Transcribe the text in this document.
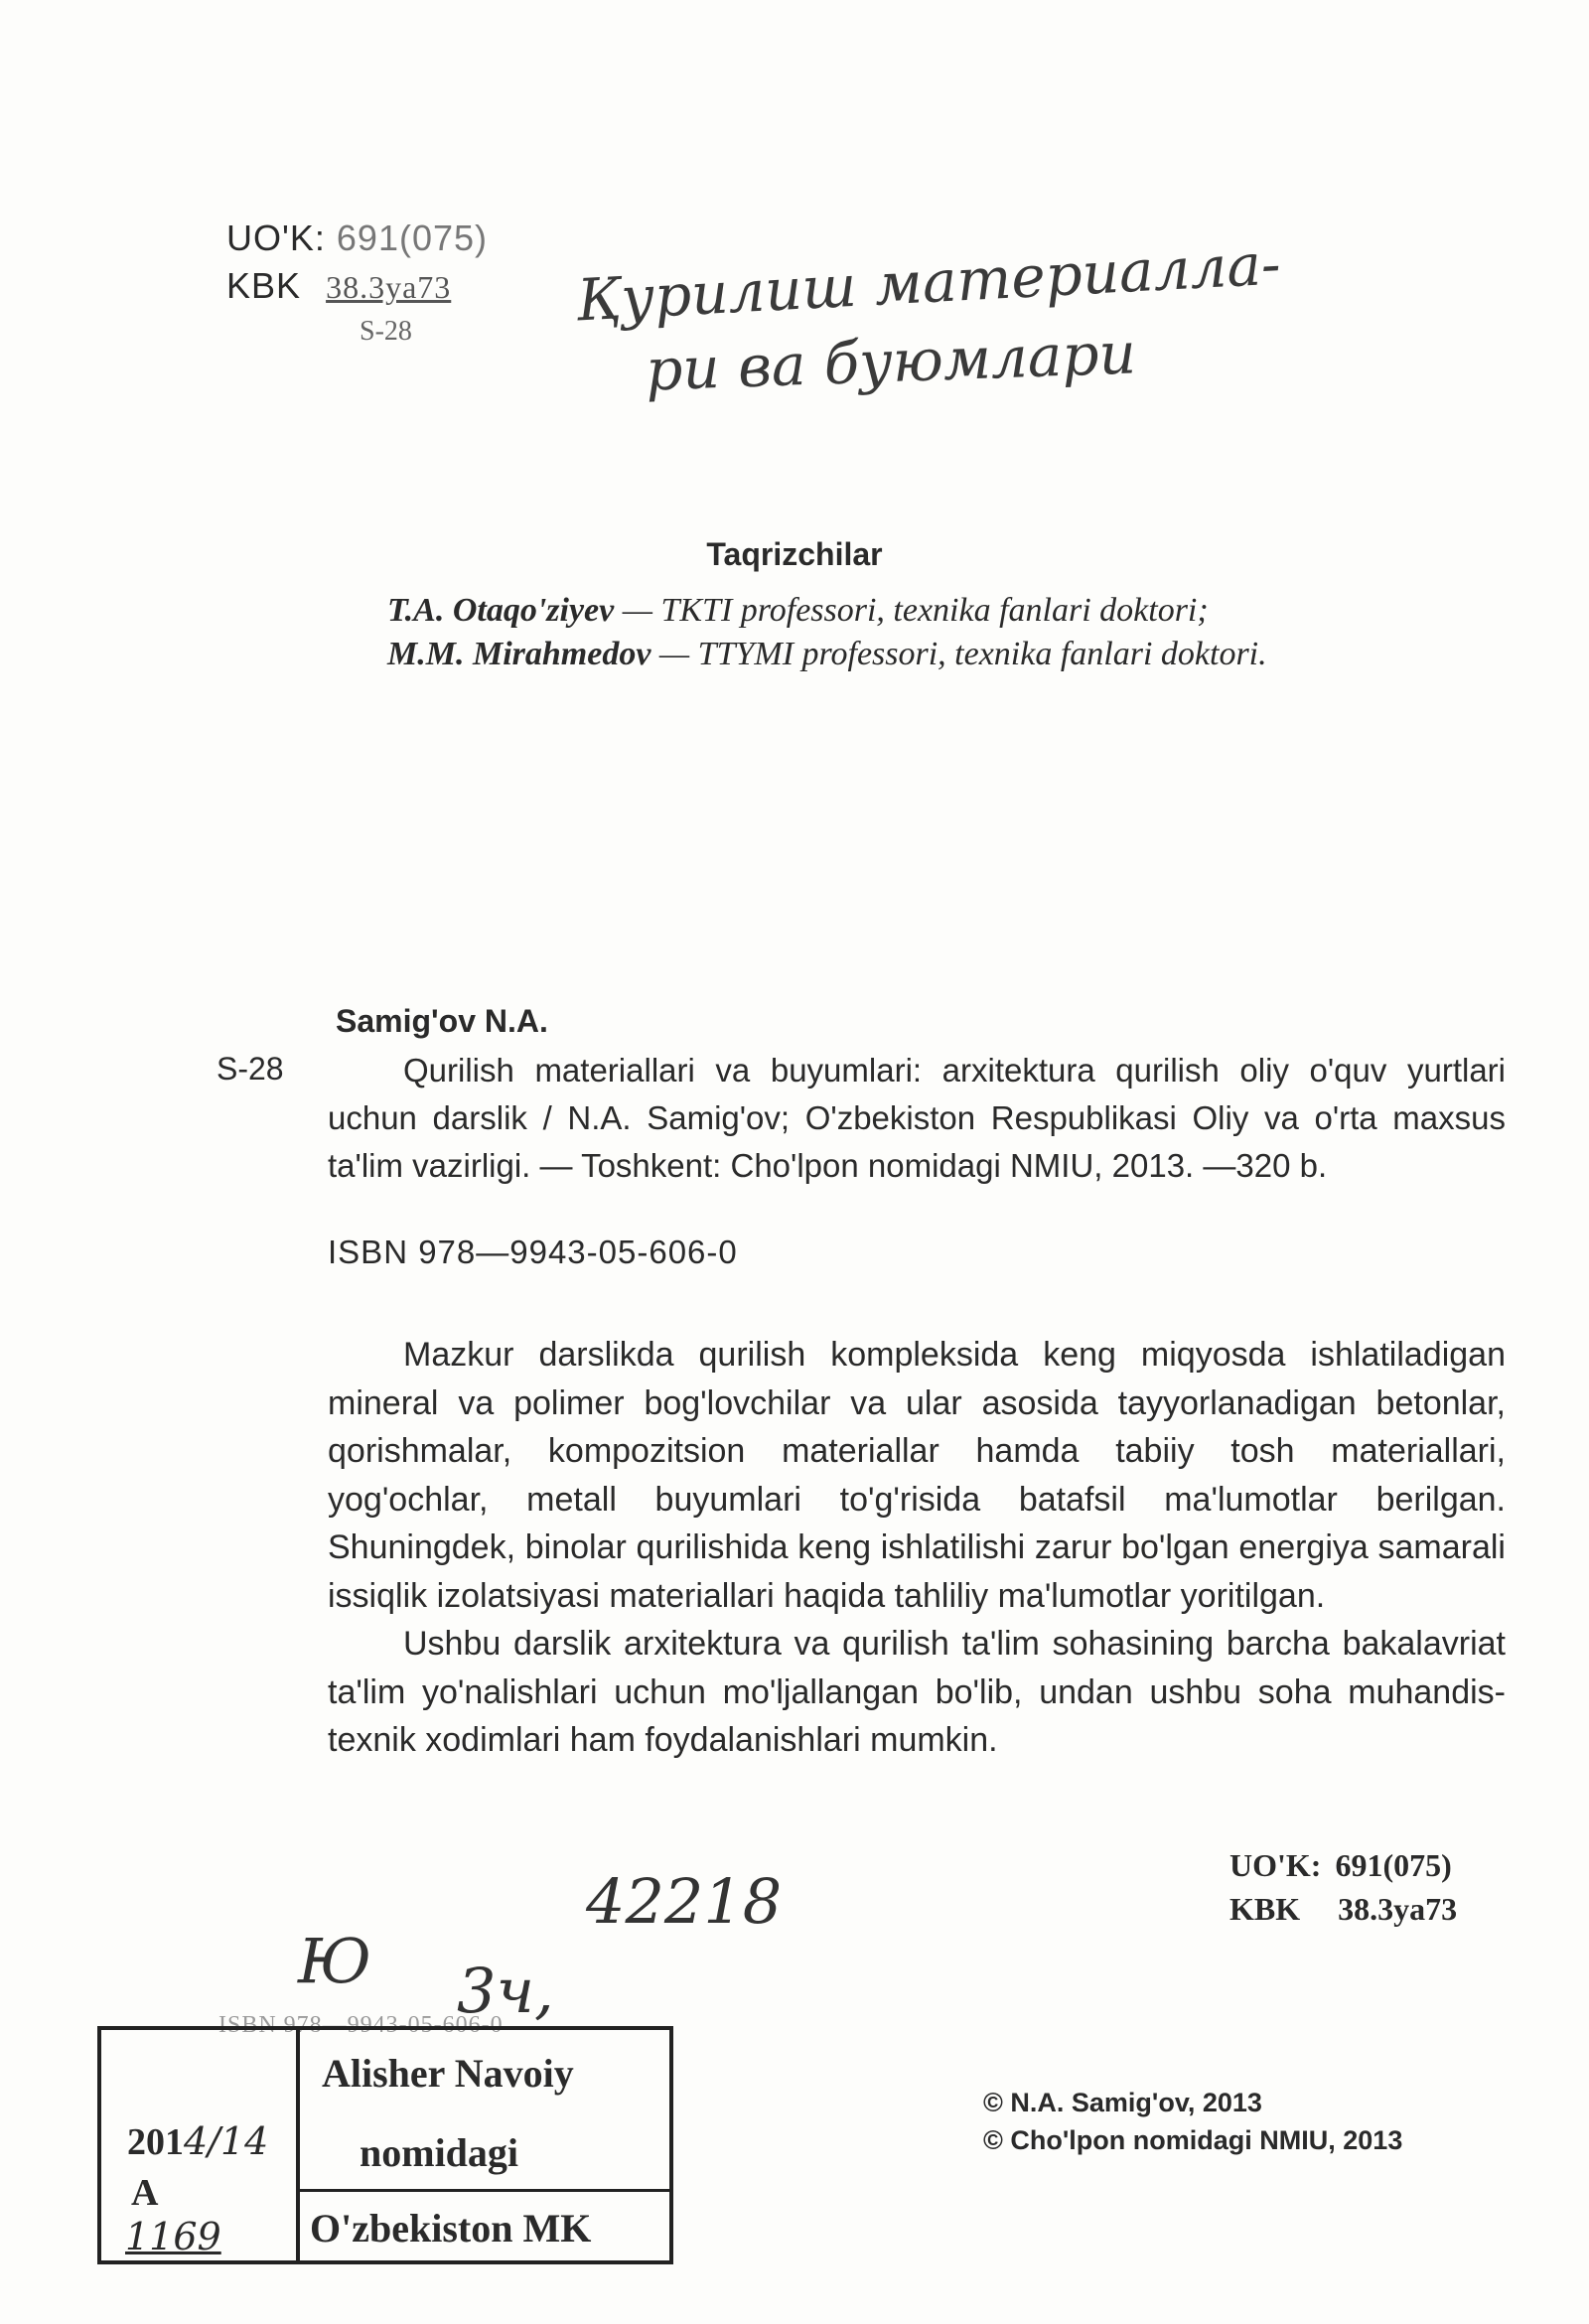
UO'K: 691(075)
KBK 38.3ya73
S-28	Қурилиш материалла-
ри ва буюмлари
Taqrizchilar
T.A. Otaqo'ziyev — TKTI professori, texnika fanlari doktori;
M.M. Mirahmedov — TTYMI professori, texnika fanlari doktori.
Samig'ov N.A.
S-28	Qurilish materiallari va buyumlari: arxitektura qurilish oliy o'quv yurtlari uchun darslik / N.A. Samig'ov; O'zbekiston Respublikasi Oliy va o'rta maxsus ta'lim vazirligi. — Toshkent: Cho'lpon nomidagi NMIU, 2013. —320 b.

ISBN 978—9943-05-606-0

Mazkur darslikda qurilish kompleksida keng miqyosda ishlatiladigan mineral va polimer bog'lovchilar va ular asosida tayyorlanadigan betonlar, qorishmalar, kompozitsion materiallar hamda tabiiy tosh materiallari, yog'ochlar, metall buyumlari to'g'risida batafsil ma'lumotlar berilgan. Shuningdek, binolar qurilishida keng ishlatilishi zarur bo'lgan energiya samarali issiqlik izolatsiyasi materiallari haqida tahliliy ma'lumotlar yoritilgan.

Ushbu darslik arxitektura va qurilish ta'lim sohasining barcha bakalavriat ta'lim yo'nalishlari uchun mo'ljallangan bo'lib, undan ushbu soha muhandis-texnik xodimlari ham foydalanishlari mumkin.

UO'K: 691(075)
KBK 38.3ya73
42218
Ю 3ч,
ISBN 978—9943-05-606-0
2014/14
A
1169
Alisher Navoiy
nomidagi
O'zbekiston MK
© N.A. Samig'ov, 2013
© Cho'lpon nomidagi NMIU, 2013
